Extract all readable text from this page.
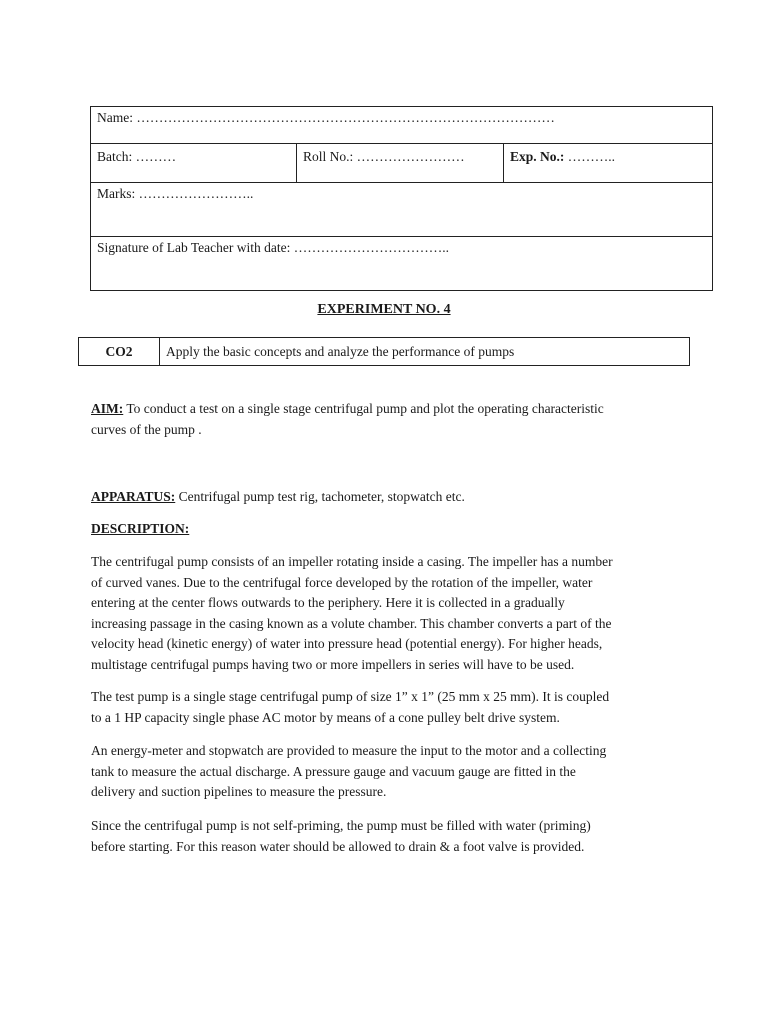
Name: …………………………………………………………………………………
Batch: ………	Roll No.: ……………………	Exp. No.: ………..
Marks: ……………………..
Signature of Lab Teacher with date: ……………………………..
EXPERIMENT NO. 4
CO2	Apply the basic concepts and analyze the performance of pumps
AIM: To conduct a test on a single stage centrifugal pump and plot the operating characteristic
curves of the pump .
APPARATUS: Centrifugal pump test rig, tachometer, stopwatch etc.
DESCRIPTION:

The centrifugal pump consists of an impeller rotating inside a casing. The impeller has a number
of curved vanes. Due to the centrifugal force developed by the rotation of the impeller, water
entering at the center flows outwards to the periphery. Here it is collected in a gradually
increasing passage in the casing known as a volute chamber. This chamber converts a part of the
velocity head (kinetic energy) of water into pressure head (potential energy). For higher heads,
multistage centrifugal pumps having two or more impellers in series will have to be used.

The test pump is a single stage centrifugal pump of size 1” x 1” (25 mm x 25 mm). It is coupled
to a 1 HP capacity single phase AC motor by means of a cone pulley belt drive system.

An energy-meter and stopwatch are provided to measure the input to the motor and a collecting
tank to measure the actual discharge. A pressure gauge and vacuum gauge are fitted in the
delivery and suction pipelines to measure the pressure.

Since the centrifugal pump is not self-priming, the pump must be filled with water (priming)
before starting. For this reason water should be allowed to drain & a foot valve is provided.
